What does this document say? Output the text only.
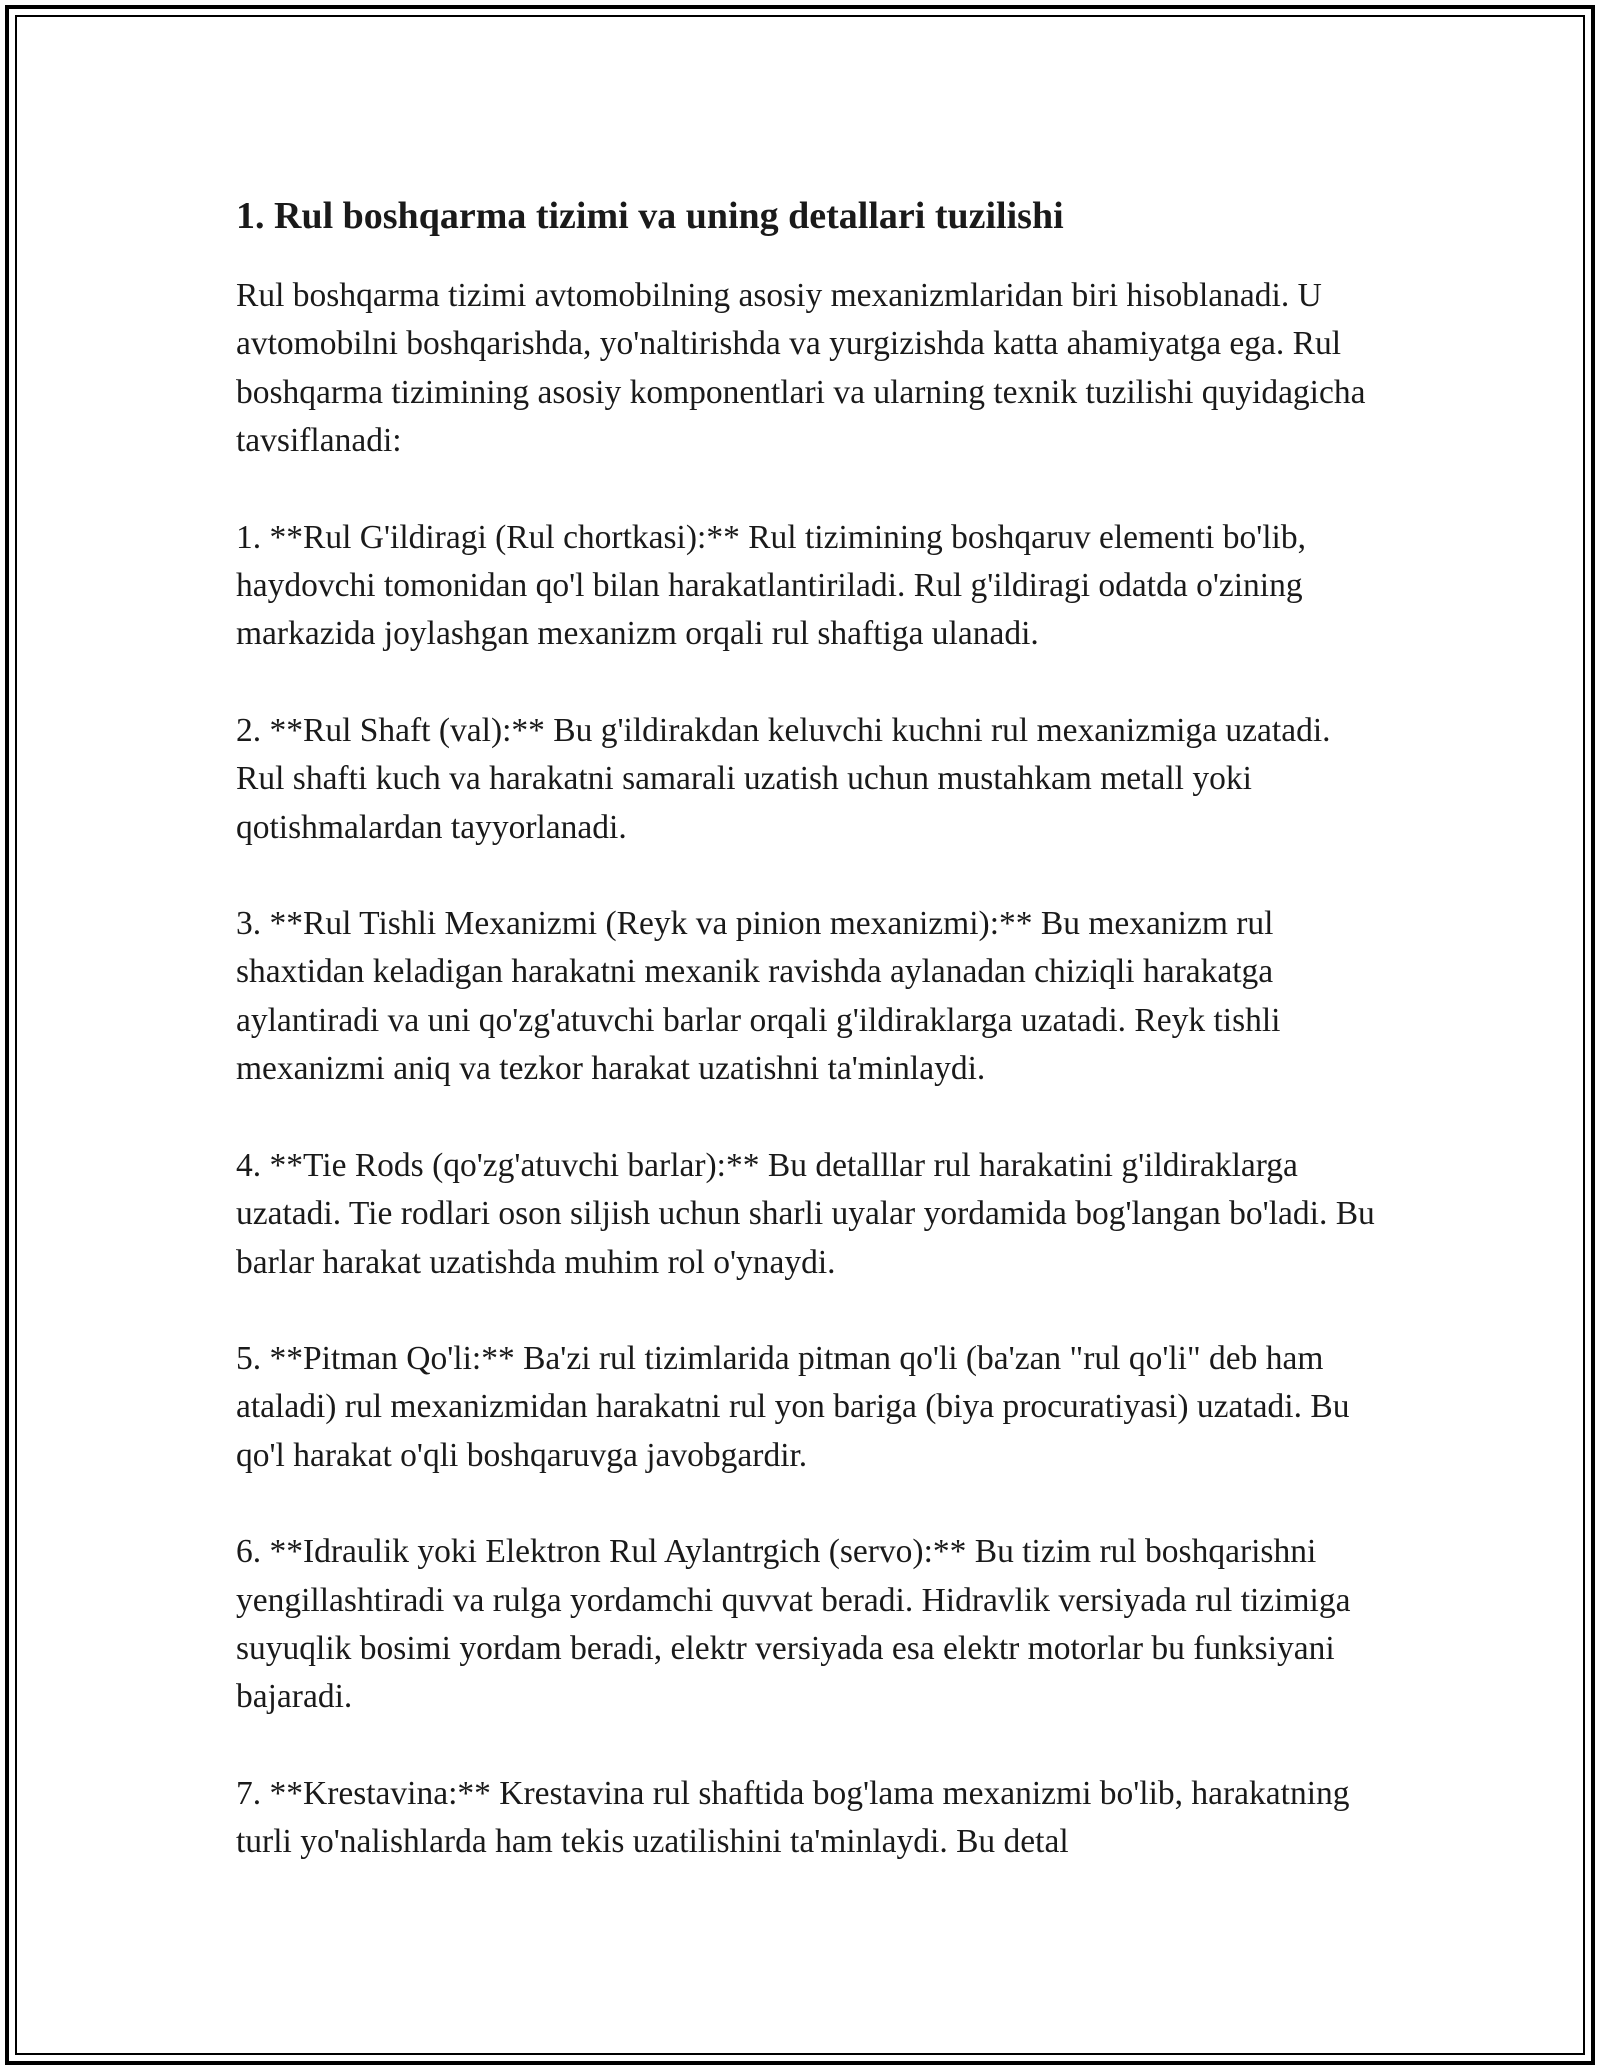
1. Rul boshqarma tizimi va uning detallari tuzilishi

Rul boshqarma tizimi avtomobilning asosiy mexanizmlaridan biri hisoblanadi. U avtomobilni boshqarishda, yo'naltirishda va yurgizishda katta ahamiyatga ega. Rul boshqarma tizimining asosiy komponentlari va ularning texnik tuzilishi quyidagicha tavsiflanadi:

1. **Rul G'ildiragi (Rul chortkasi):** Rul tizimining boshqaruv elementi bo'lib, haydovchi tomonidan qo'l bilan harakatlantiriladi. Rul g'ildiragi odatda o'zining markazida joylashgan mexanizm orqali rul shaftiga ulanadi.

2. **Rul Shaft (val):** Bu g'ildirakdan keluvchi kuchni rul mexanizmiga uzatadi. Rul shafti kuch va harakatni samarali uzatish uchun mustahkam metall yoki qotishmalardan tayyorlanadi.

3. **Rul Tishli Mexanizmi (Reyk va pinion mexanizmi):** Bu mexanizm rul shaxtidan keladigan harakatni mexanik ravishda aylanadan chiziqli harakatga aylantiradi va uni qo'zg'atuvchi barlar orqali g'ildiraklarga uzatadi. Reyk tishli mexanizmi aniq va tezkor harakat uzatishni ta'minlaydi.

4. **Tie Rods (qo'zg'atuvchi barlar):** Bu detalllar rul harakatini g'ildiraklarga uzatadi. Tie rodlari oson siljish uchun sharli uyalar yordamida bog'langan bo'ladi. Bu barlar harakat uzatishda muhim rol o'ynaydi.

5. **Pitman Qo'li:** Ba'zi rul tizimlarida pitman qo'li (ba'zan "rul qo'li" deb ham ataladi) rul mexanizmidan harakatni rul yon bariga (biya procuratiyasi) uzatadi. Bu qo'l harakat o'qli boshqaruvga javobgardir.

6. **Idraulik yoki Elektron Rul Aylantrgich (servo):** Bu tizim rul boshqarishni yengillashtiradi va rulga yordamchi quvvat beradi. Hidravlik versiyada rul tizimiga suyuqlik bosimi yordam beradi, elektr versiyada esa elektr motorlar bu funksiyani bajaradi.

7. **Krestavina:** Krestavina rul shaftida bog'lama mexanizmi bo'lib, harakatning turli yo'nalishlarda ham tekis uzatilishini ta'minlaydi. Bu detal
